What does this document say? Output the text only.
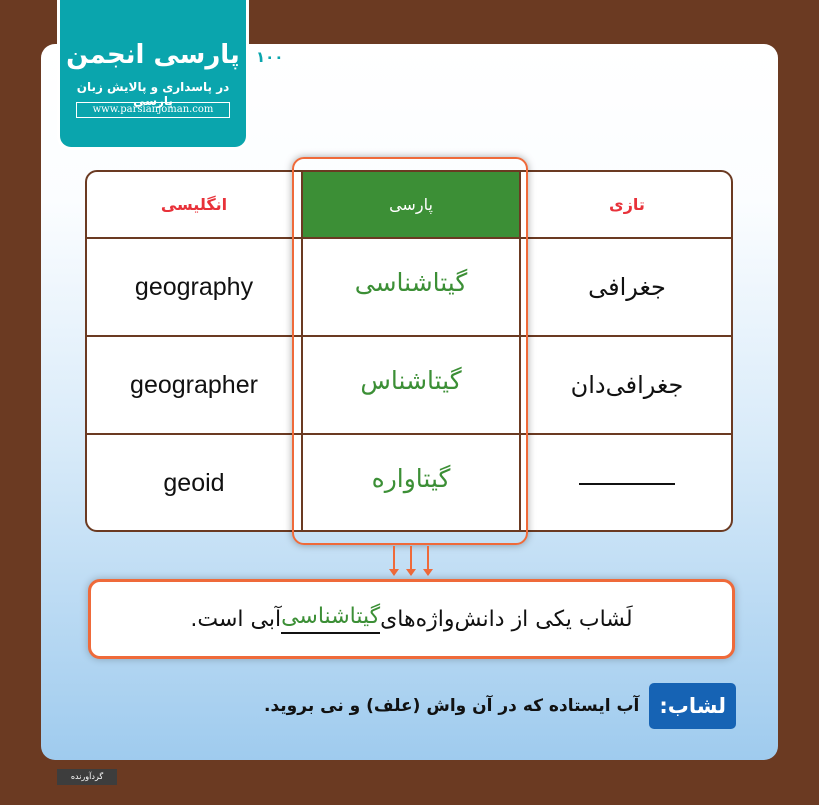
پارسی انجمن
در پاسداری و پالایش زبان پارسی
www.parsianjoman.com
۱۰۰
انگلیسی	پارسی	تازی
geography	گیتاشناسی	جغرافی
geographer	گیتاشناس	جغرافی‌دان
geoid	گیتاواره
لَشاب یکی از دانش‌واژه‌های
گیتاشناسی
آبی است.
لشاب:
آب ایستاده که در آن واش (علف) و نی بروید.
گردآورنده
